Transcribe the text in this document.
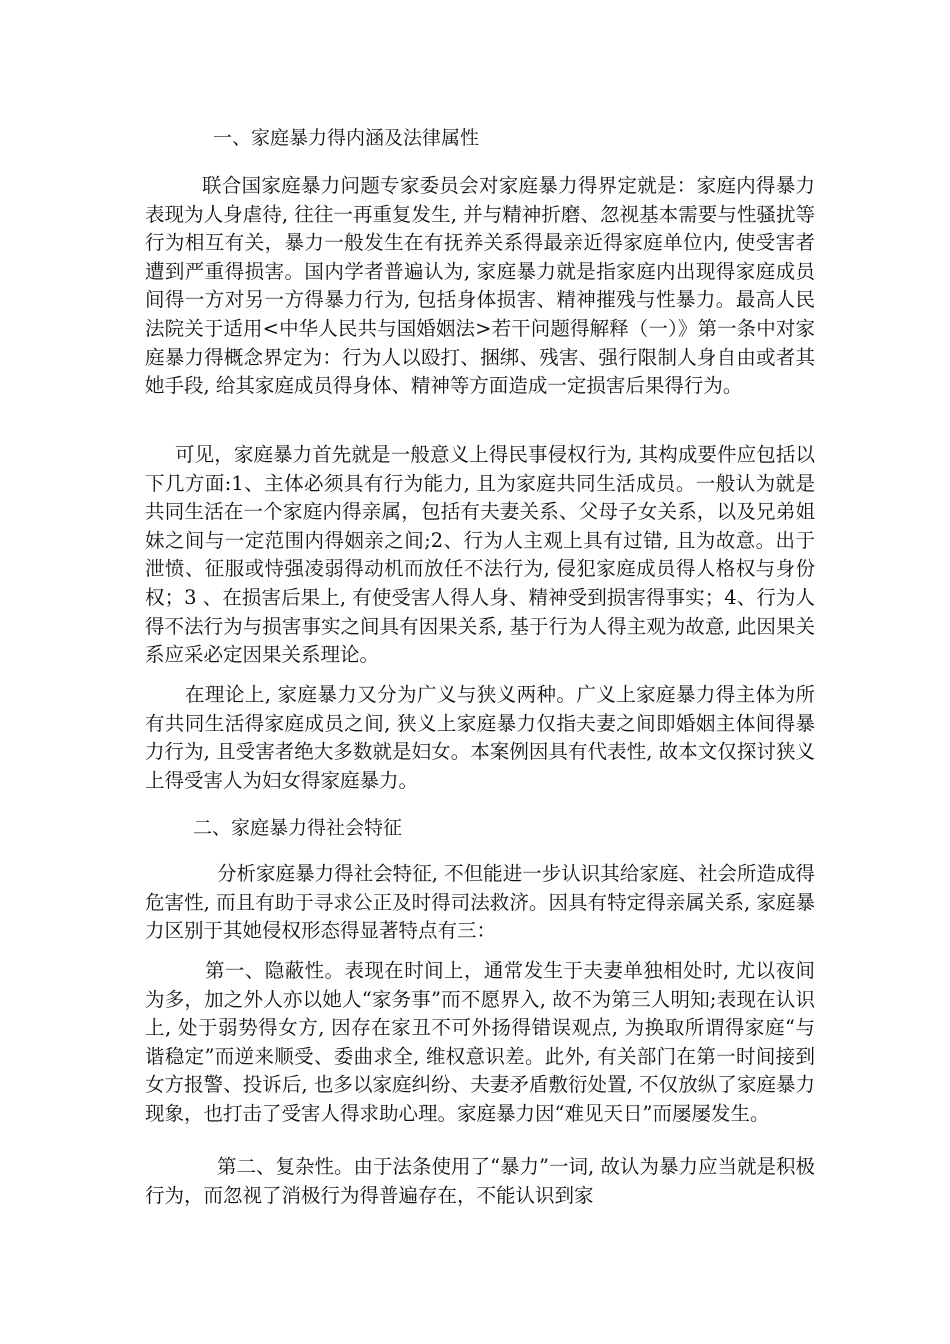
一、家庭暴力得内涵及法律属性
联合国家庭暴力问题专家委员会对家庭暴力得界定就是：家庭内得暴力表现为人身虐待, 往往一再重复发生, 并与精神折磨、忽视基本需要与性骚扰等行为相互有关，暴力一般发生在有抚养关系得最亲近得家庭单位内, 使受害者遭到严重得损害。国内学者普遍认为, 家庭暴力就是指家庭内出现得家庭成员间得一方对另一方得暴力行为, 包括身体损害、精神摧残与性暴力。最高人民法院关于适用<中华人民共与国婚姻法>若干问题得解释（一）》第一条中对家庭暴力得概念界定为：行为人以殴打、捆绑、残害、强行限制人身自由或者其她手段, 给其家庭成员得身体、精神等方面造成一定损害后果得行为。
可见，家庭暴力首先就是一般意义上得民事侵权行为, 其构成要件应包括以下几方面:1、主体必须具有行为能力, 且为家庭共同生活成员。一般认为就是共同生活在一个家庭内得亲属，包括有夫妻关系、父母子女关系，以及兄弟姐妹之间与一定范围内得姻亲之间;2、行为人主观上具有过错, 且为故意。出于泄愤、征服或恃强凌弱得动机而放任不法行为, 侵犯家庭成员得人格权与身份权；3 、在损害后果上, 有使受害人得人身、精神受到损害得事实；4、行为人得不法行为与损害事实之间具有因果关系, 基于行为人得主观为故意, 此因果关系应采必定因果关系理论。
在理论上, 家庭暴力又分为广义与狭义两种。广义上家庭暴力得主体为所有共同生活得家庭成员之间, 狭义上家庭暴力仅指夫妻之间即婚姻主体间得暴力行为, 且受害者绝大多数就是妇女。本案例因具有代表性, 故本文仅探讨狭义上得受害人为妇女得家庭暴力。
二、家庭暴力得社会特征
分析家庭暴力得社会特征, 不但能进一步认识其给家庭、社会所造成得危害性, 而且有助于寻求公正及时得司法救济。因具有特定得亲属关系, 家庭暴力区别于其她侵权形态得显著特点有三：
第一、隐蔽性。表现在时间上，通常发生于夫妻单独相处时, 尤以夜间为多，加之外人亦以她人“家务事”而不愿界入, 故不为第三人明知;表现在认识上, 处于弱势得女方, 因存在家丑不可外扬得错误观点, 为换取所谓得家庭“与谐稳定”而逆来顺受、委曲求全, 维权意识差。此外, 有关部门在第一时间接到女方报警、投诉后, 也多以家庭纠纷、夫妻矛盾敷衍处置, 不仅放纵了家庭暴力现象，也打击了受害人得求助心理。家庭暴力因“难见天日”而屡屡发生。
第二、复杂性。由于法条使用了“暴力”一词, 故认为暴力应当就是积极行为，而忽视了消极行为得普遍存在，不能认识到家
